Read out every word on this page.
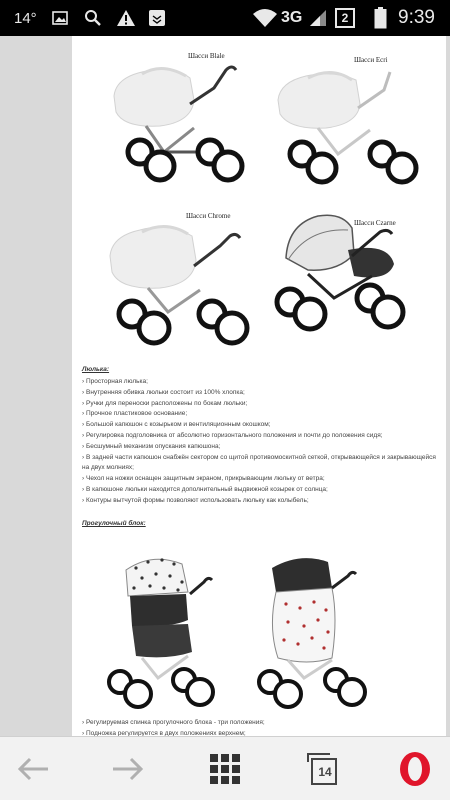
14°	3G	2	9:39
Шасси Blale	Шасси Ecri
Шасси Chrome
Шасси Czarne
Люлька:
› Просторная люлька;
› Внутренняя обивка люльки состоит из 100% хлопка;
› Ручки для переноски расположены по бокам люльки;
› Прочное пластиковое основание;
› Большой капюшон с козырьком и вентиляционным окошком;
› Регулировка подголовника от абсолютно горизонтального положения и почти до положения сидя;
› Бесшумный механизм опускания капюшона;
› В задней части капюшон снабжён сектором со щитой противомоскитной сеткой, открывающейся и закрывающейся на двух молниях;
› Чехол на ножки оснащен защитным экраном, прикрывающим люльку от ветра;
› В капюшоне люльки находится дополнительный выдвижной козырек от солнца;
› Контуры вытчутой формы позволяют использовать люльку как колыбель;
Прогулочный блок:
› Регулируемая спинка прогулочного блока - три положения;
› Подножка регулируется в двух положениях верхнем;
14
